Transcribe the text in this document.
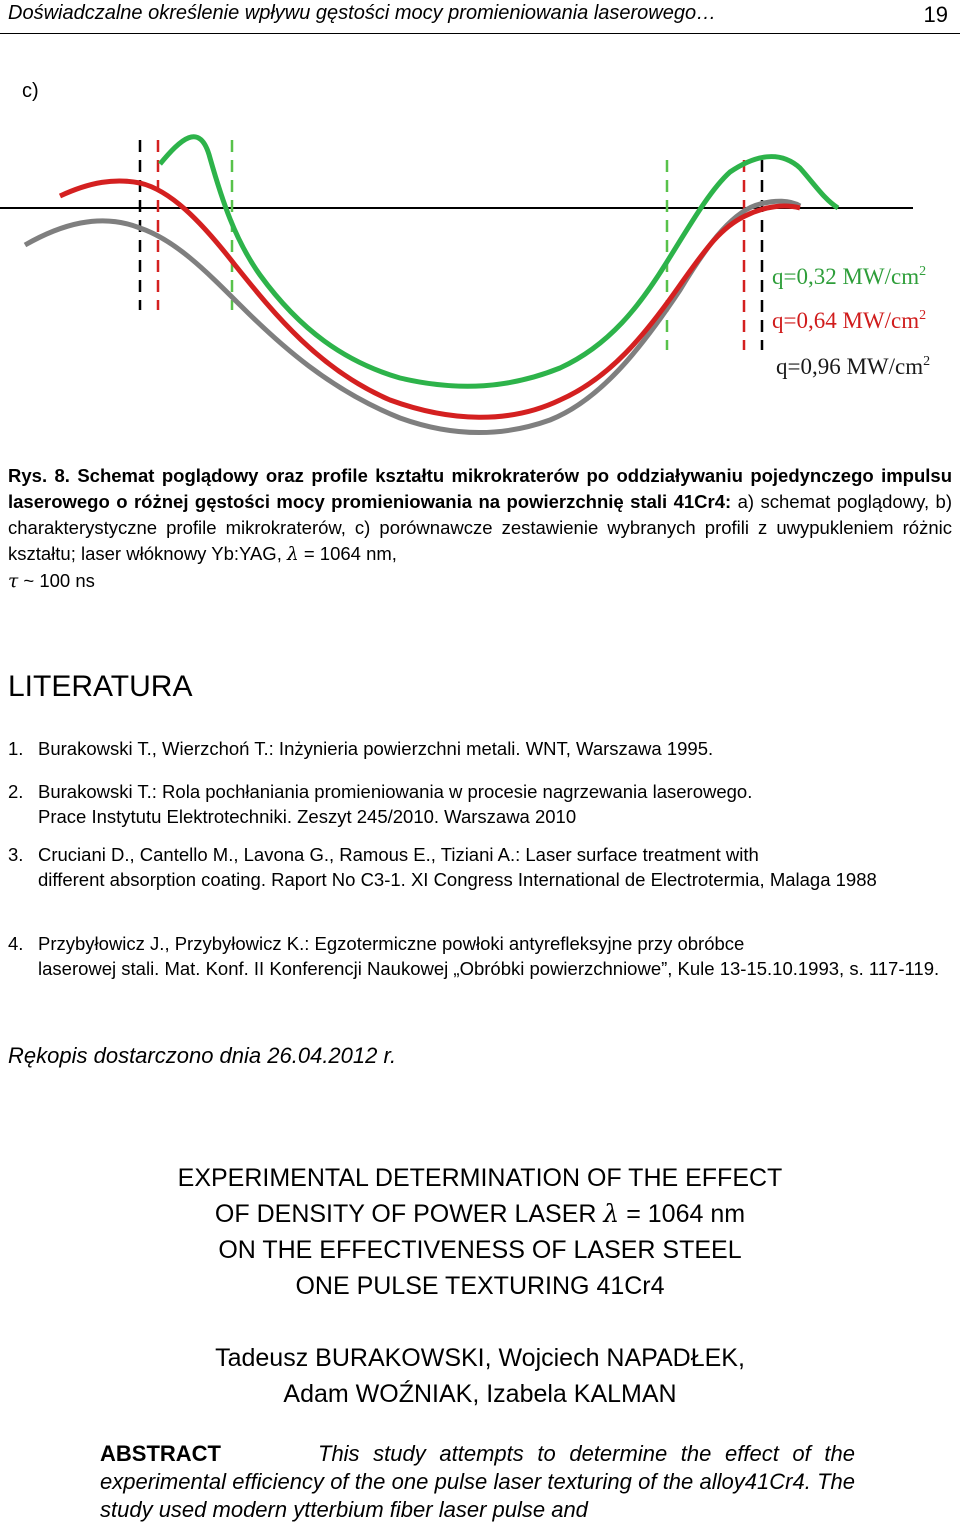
Doświadczalne określenie wpływu gęstości mocy promieniowania laserowego…	19
c)
q=0,32 $MW/cm^2$
q=0,64 $MW/cm^2$
q=0,96 $MW/cm^2$
Rys. 8. Schemat poglądowy oraz profile kształtu mikrokraterów po oddziaływaniu pojedynczego impulsu laserowego o różnej gęstości mocy promieniowania na powierzchnię stali 41Cr4: a) schemat poglądowy, b) charakterystyczne profile mikrokraterów, c) porównawcze zestawienie wybranych profili z uwypukleniem różnic kształtu; laser włóknowy Yb:YAG, λ = 1064 nm,
τ ~ 100 ns
LITERATURA
1. Burakowski T., Wierzchoń T.: Inżynieria powierzchni metali. WNT, Warszawa 1995.
2. Burakowski T.: Rola pochłaniania promieniowania w procesie nagrzewania laserowego.
Prace Instytutu Elektrotechniki. Zeszyt 245/2010. Warszawa 2010
3. Cruciani D., Cantello M., Lavona G., Ramous E., Tiziani A.: Laser surface treatment with
different absorption coating. Raport No C3-1. XI Congress International de Electrotermia, Malaga 1988
4. Przybyłowicz J., Przybyłowicz K.: Egzotermiczne powłoki antyrefleksyjne przy obróbce
laserowej stali. Mat. Konf. II Konferencji Naukowej „Obróbki powierzchniowe”, Kule 13-15.10.1993, s. 117-119.
Rękopis dostarczono dnia 26.04.2012 r.
EXPERIMENTAL DETERMINATION OF THE EFFECT
OF DENSITY OF POWER LASER λ = 1064 nm
ON THE EFFECTIVENESS OF LASER STEEL
ONE PULSE TEXTURING 41Cr4
Tadeusz BURAKOWSKI, Wojciech NAPADŁEK,
Adam WOŹNIAK, Izabela KALMAN
ABSTRACT	This study attempts to determine the effect of the experimental efficiency of the one pulse laser texturing of the alloy41Cr4. The study used modern ytterbium fiber laser pulse and
